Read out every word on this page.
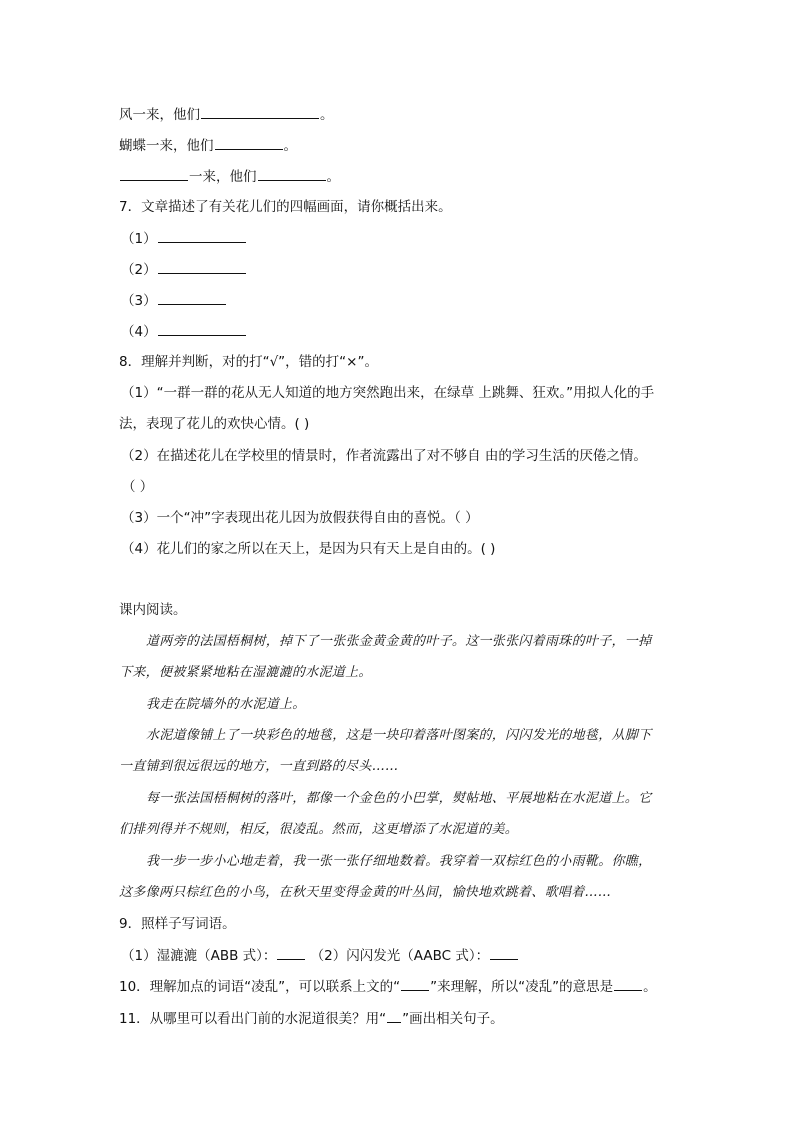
风一来，他们	。
蝴蝶一来，他们	。
一来，他们	。
7．文章描述了有关花儿们的四幅画面，请你概括出来。
（1）
（2）
（3）
（4）
8．理解并判断，对的打“√”，错的打“×”。
（1）“一群一群的花从无人知道的地方突然跑出来，在绿草 上跳舞、狂欢。”用拟人化的手
法，表现了花儿的欢快心情。( )
（2）在描述花儿在学校里的情景时，作者流露出了对不够自 由的学习生活的厌倦之情。
（ ）
（3）一个“冲”字表现出花儿因为放假获得自由的喜悦。（ ）
（4）花儿们的家之所以在天上，是因为只有天上是自由的。( )
课内阅读。
道两旁的法国梧桐树，掉下了一张张金黄金黄的叶子。这一张张闪着雨珠的叶子，一掉
下来，便被紧紧地粘在湿漉漉的水泥道上。
我走在院墙外的水泥道上。
水泥道像铺上了一块彩色的地毯，这是一块印着落叶图案的，闪闪发光的地毯，从脚下
一直铺到很远很远的地方，一直到路的尽头……
每一张法国梧桐树的落叶，都像一个金色的小巴掌，熨帖地、平展地粘在水泥道上。它
们排列得并不规则，相反，很凌乱。然而，这更增添了水泥道的美。
我一步一步小心地走着，我一张一张仔细地数着。我穿着一双棕红色的小雨靴。你瞧，
这多像两只棕红色的小鸟，在秋天里变得金黄的叶丛间，愉快地欢跳着、歌唱着……
9．照样子写词语。
（1）湿漉漉（ABB 式）： （2）闪闪发光（AABC 式）：
10．理解加点的词语“凌乱”，可以联系上文的“ ”来理解，所以“凌乱”的意思是 。
11．从哪里可以看出门前的水泥道很美？用“ ”画出相关句子。
